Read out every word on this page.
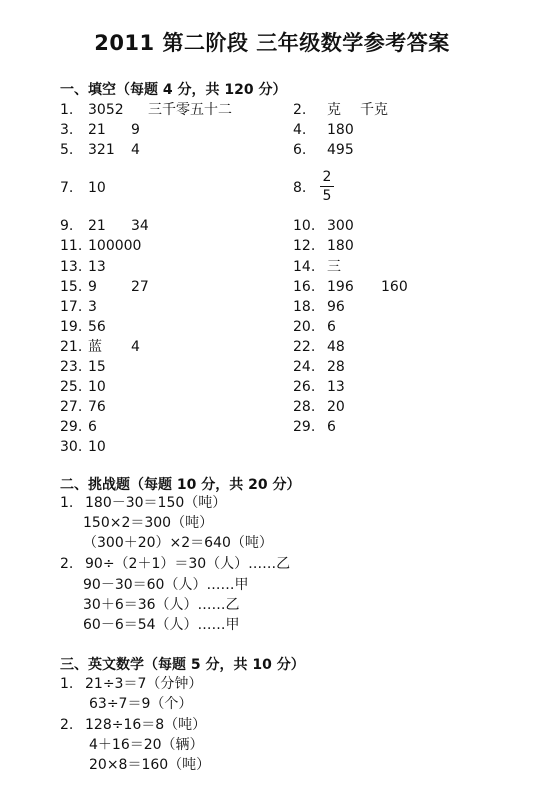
2011 第二阶段 三年级数学参考答案
一、填空（每题 4 分，共 120 分）
1. 3052 三千零五十二
3. 21 9
5. 321 4
7. 10
9. 21 34
11. 100000
13. 13
15. 9 27
17. 3
19. 56
21. 蓝 4
23. 15
25. 10
27. 76
29. 6
30. 10
2. 克 千克
4. 180
6. 495
8.
10. 300
12. 180
14. 三
16. 196 160
18. 96
20. 6
22. 48
24. 28
26. 13
28. 20
29. 6
2
5
二、挑战题（每题 10 分，共 20 分）
1. 180－30＝150（吨）
150×2＝300（吨）
（300＋20）×2＝640（吨）
2. 90÷（2＋1）＝30（人）……乙
90－30＝60（人）……甲
30＋6＝36（人）……乙
60－6＝54（人）……甲
三、英文数学（每题 5 分，共 10 分）
1. 21÷3＝7（分钟）
63÷7＝9（个）
2. 128÷16＝8（吨）
4＋16＝20（辆）
20×8＝160（吨）
